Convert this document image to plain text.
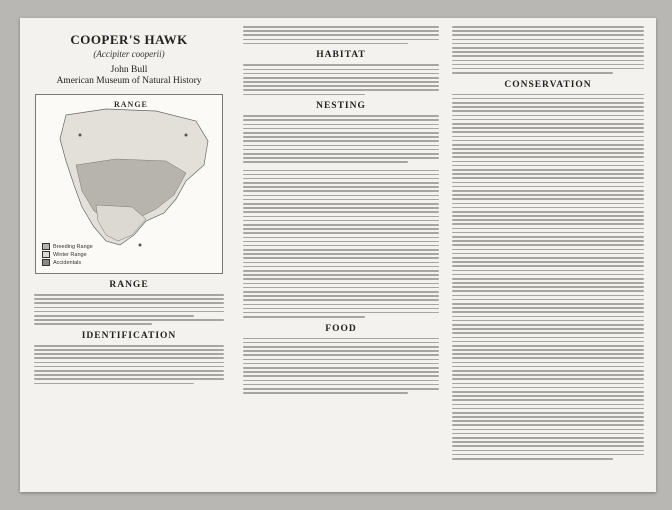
COOPER'S HAWK
(Accipiter cooperii)
John Bull
American Museum of Natural History
RANGE
Breeding Range
Winter Range
Accidentals
RANGE
IDENTIFICATION
HABITAT
NESTING
FOOD
CONSERVATION
